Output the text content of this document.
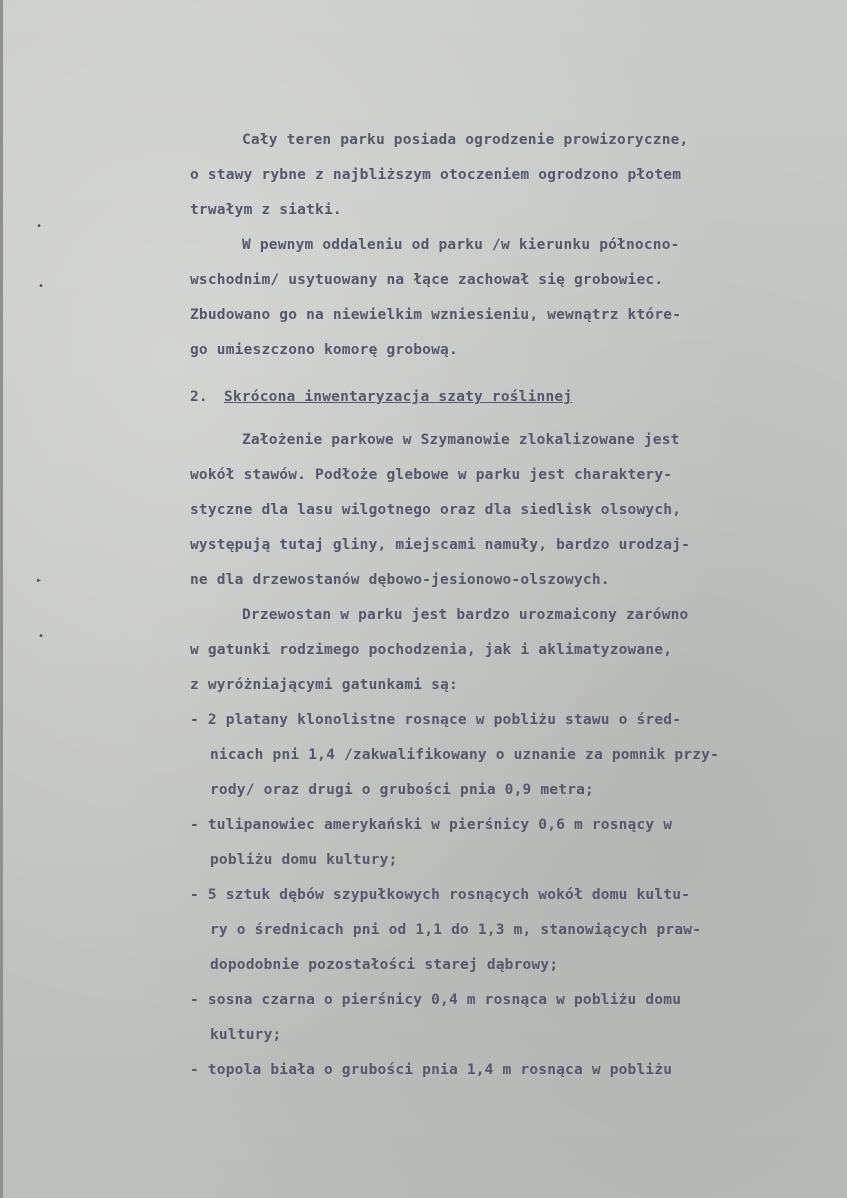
Cały teren parku posiada ogrodzenie prowizoryczne,
o stawy rybne z najbliższym otoczeniem ogrodzono płotem
trwałym z siatki.
W pewnym oddaleniu od parku /w kierunku północno-
wschodnim/ usytuowany na łące zachował się grobowiec.
Zbudowano go na niewielkim wzniesieniu, wewnątrz które-
go umieszczono komorę grobową.
2. Skrócona inwentaryzacja szaty roślinnej
Założenie parkowe w Szymanowie zlokalizowane jest
wokół stawów. Podłoże glebowe w parku jest charaktery-
styczne dla lasu wilgotnego oraz dla siedlisk olsowych,
występują tutaj gliny, miejscami namuły, bardzo urodzaj-
ne dla drzewostanów dębowo-jesionowo-olszowych.
Drzewostan w parku jest bardzo urozmaicony zarówno
w gatunki rodzimego pochodzenia, jak i aklimatyzowane,
z wyróżniającymi gatunkami są:
- 2 platany klonolistne rosnące w pobliżu stawu o śred-
nicach pni 1,4 /zakwalifikowany o uznanie za pomnik przy-
rody/ oraz drugi o grubości pnia 0,9 metra;
- tulipanowiec amerykański w pierśnicy 0,6 m rosnący w
pobliżu domu kultury;
- 5 sztuk dębów szypułkowych rosnących wokół domu kultu-
ry o średnicach pni od 1,1 do 1,3 m, stanowiących praw-
dopodobnie pozostałości starej dąbrowy;
- sosna czarna o pierśnicy 0,4 m rosnąca w pobliżu domu
kultury;
- topola biała o grubości pnia 1,4 m rosnąca w pobliżu
•
•
▸
•
